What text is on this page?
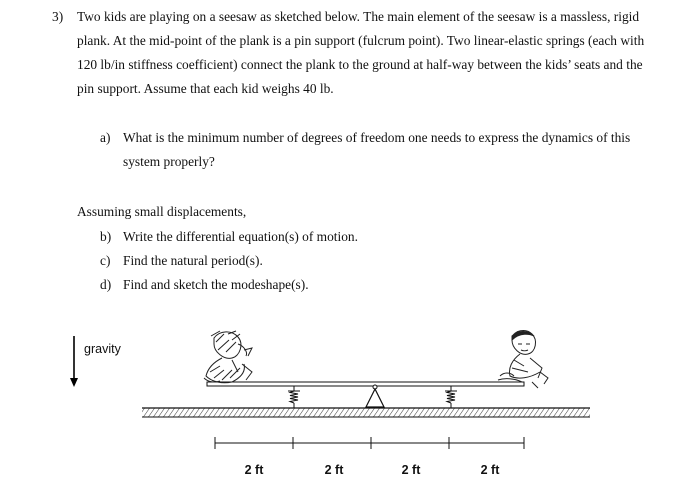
3) Two kids are playing on a seesaw as sketched below. The main element of the seesaw is a massless, rigid
plank. At the mid-point of the plank is a pin support (fulcrum point). Two linear-elastic springs (each with
120 lb/in stiffness coefficient) connect the plank to the ground at half-way between the kids’ seats and the
pin support. Assume that each kid weighs 40 lb.
a) What is the minimum number of degrees of freedom one needs to express the dynamics of this
system properly?
Assuming small displacements,
b) Write the differential equation(s) of motion.
c) Find the natural period(s).
d) Find and sketch the modeshape(s).
gravity
2 ft	2 ft	2 ft	2 ft
